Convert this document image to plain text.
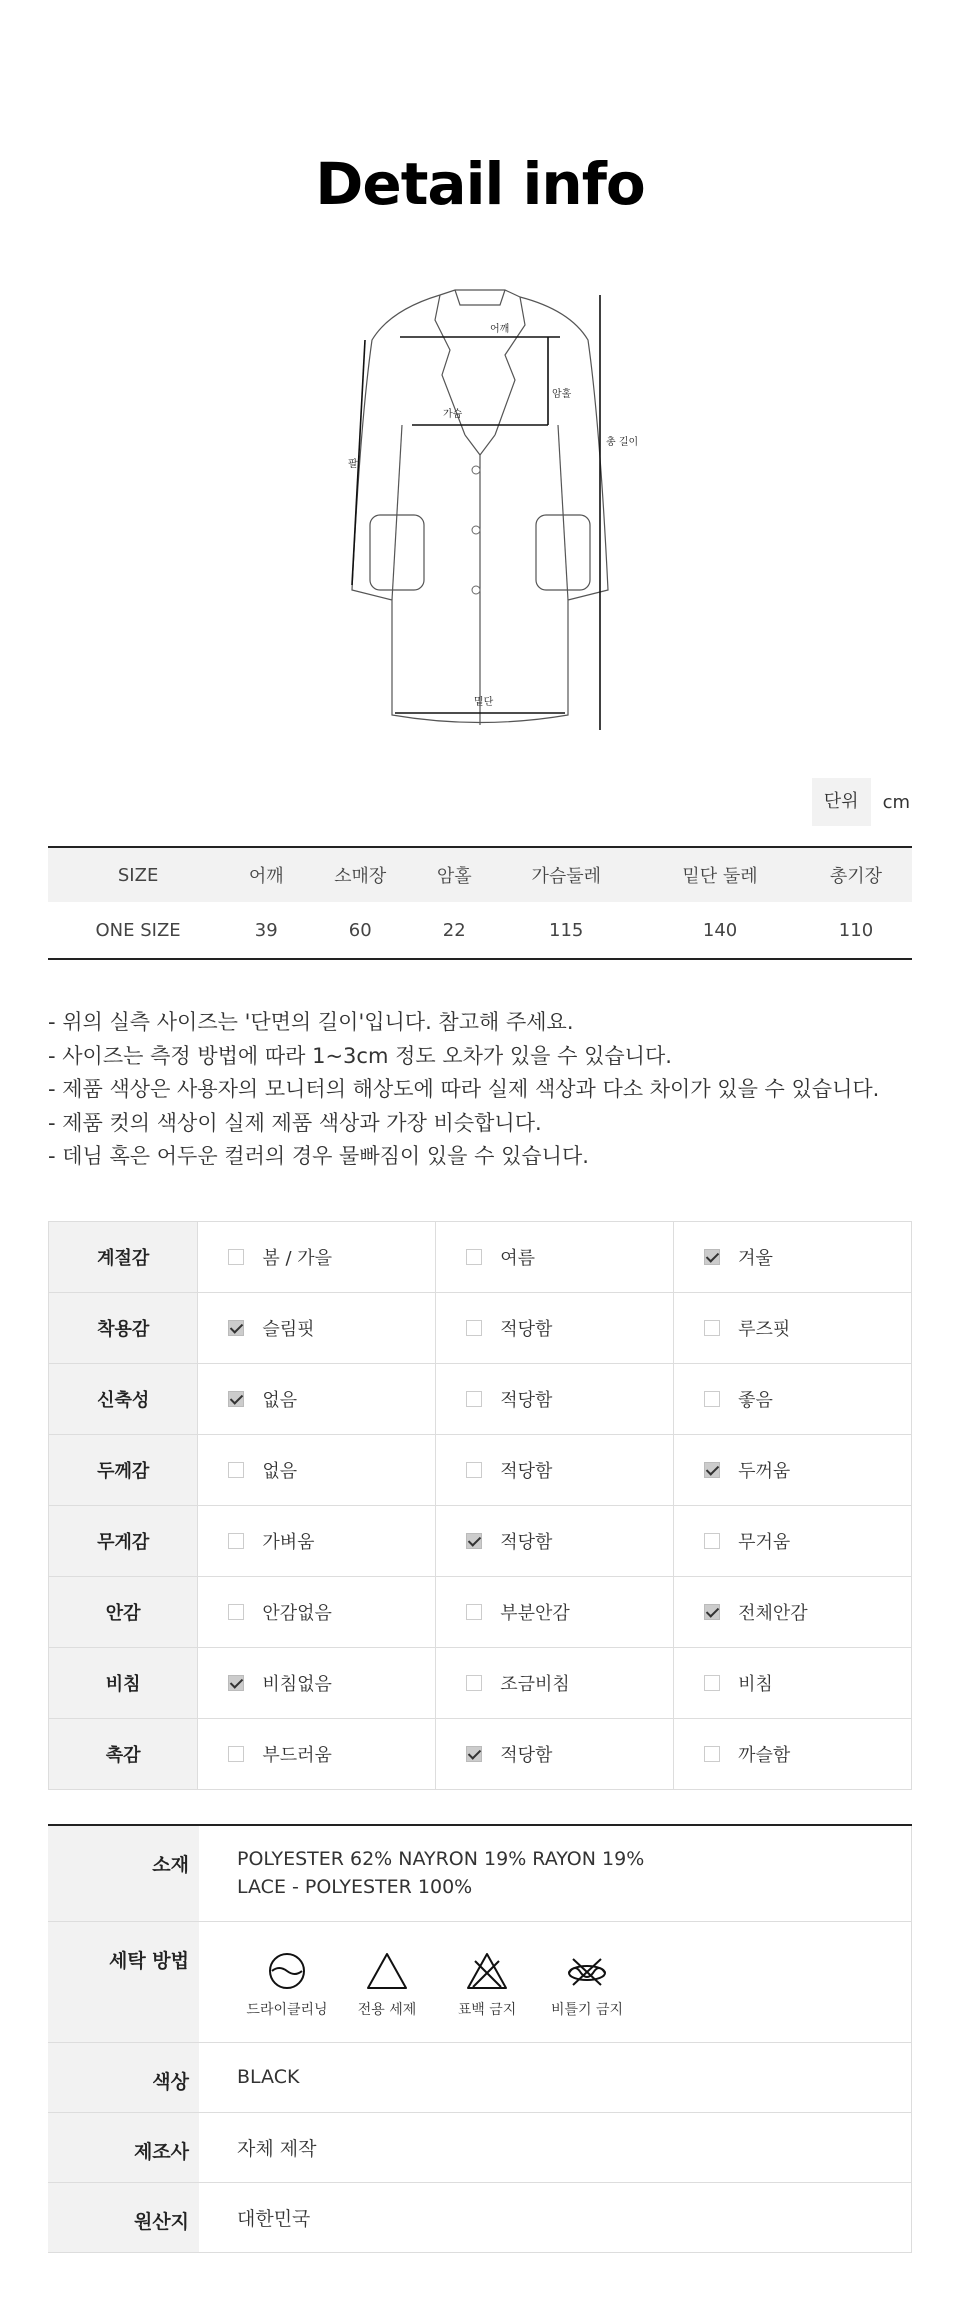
Detail info
어깨
암홀
가슴
총 길이
팔
밑단
단위	cm
SIZE	어깨	소매장	암홀	가슴둘레	밑단 둘레	총기장
ONE SIZE	39	60	22	115	140	110
- 위의 실측 사이즈는 '단면의 길이'입니다. 참고해 주세요.
- 사이즈는 측정 방법에 따라 1~3cm 정도 오차가 있을 수 있습니다.
- 제품 색상은 사용자의 모니터의 해상도에 따라 실제 색상과 다소 차이가 있을 수 있습니다.
- 제품 컷의 색상이 실제 제품 색상과 가장 비슷합니다.
- 데님 혹은 어두운 컬러의 경우 물빠짐이 있을 수 있습니다.
계절감	봄 / 가을	여름	겨울
착용감	슬림핏	적당함	루즈핏
신축성	없음	적당함	좋음
두께감	없음	적당함	두꺼움
무게감	가벼움	적당함	무거움
안감	안감없음	부분안감	전체안감
비침	비침없음	조금비침	비침
촉감	부드러움	적당함	까슬함
소재	POLYESTER 62% NAYRON 19% RAYON 19%
LACE - POLYESTER 100%

세탁 방법	드라이클리닝 전용 세제 표백 금지 비틀기 금지

색상	BLACK
제조사	자체 제작
원산지	대한민국
